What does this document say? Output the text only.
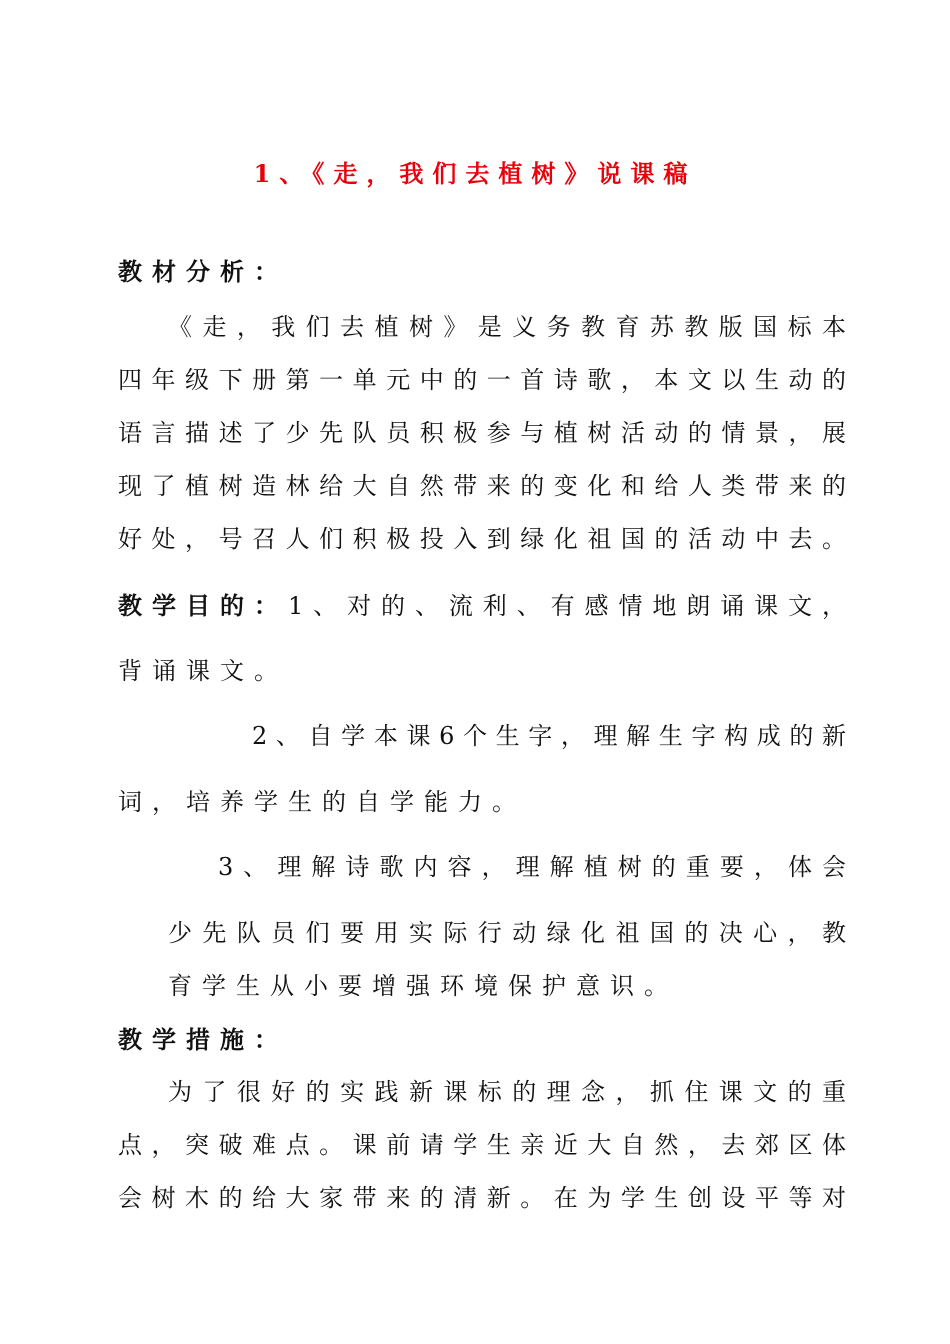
1、《走，我们去植树》说课稿
教材分析：
《走，我们去植树》是义务教育苏教版国标本
四年级下册第一单元中的一首诗歌，本文以生动的
语言描述了少先队员积极参与植树活动的情景，展
现了植树造林给大自然带来的变化和给人类带来的
好处，号召人们积极投入到绿化祖国的活动中去。
教学目的： 1、对的、流利、有感情地朗诵课文，
背诵课文。
2、自学本课6个生字，理解生字构成的新
词，培养学生的自学能力。
3、理解诗歌内容，理解植树的重要，体会
少先队员们要用实际行动绿化祖国的决心，教
育学生从小要增强环境保护意识。
教学措施：
为了很好的实践新课标的理念，抓住课文的重
点，突破难点。课前请学生亲近大自然，去郊区体
会树木的给大家带来的清新。在为学生创设平等对
